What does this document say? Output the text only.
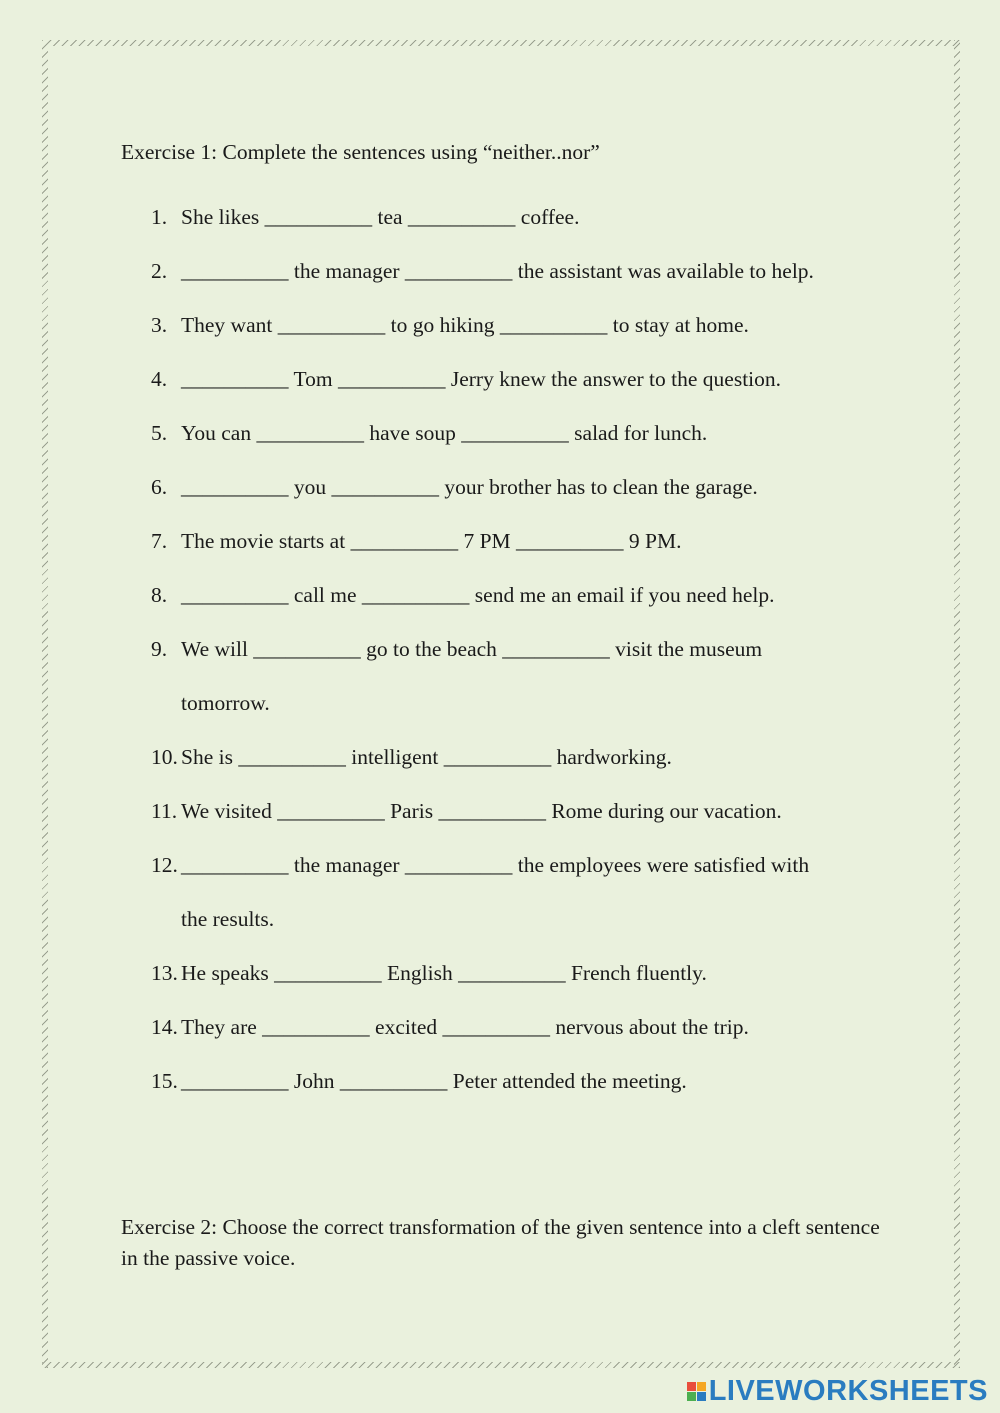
Exercise 1: Complete the sentences using “neither..nor”
1. She likes __________ tea __________ coffee.
2. __________ the manager __________ the assistant was available to help.
3. They want __________ to go hiking __________ to stay at home.
4. __________ Tom __________ Jerry knew the answer to the question.
5. You can __________ have soup __________ salad for lunch.
6. __________ you __________ your brother has to clean the garage.
7. The movie starts at __________ 7 PM __________ 9 PM.
8. __________ call me __________ send me an email if you need help.
9. We will __________ go to the beach __________ visit the museum
tomorrow.
10. She is __________ intelligent __________ hardworking.
11. We visited __________ Paris __________ Rome during our vacation.
12. __________ the manager __________ the employees were satisfied with
the results.
13. He speaks __________ English __________ French fluently.
14. They are __________ excited __________ nervous about the trip.
15. __________ John __________ Peter attended the meeting.
Exercise 2: Choose the correct transformation of the given sentence into a cleft sentence in the passive voice.
LIVEWORKSHEETS
